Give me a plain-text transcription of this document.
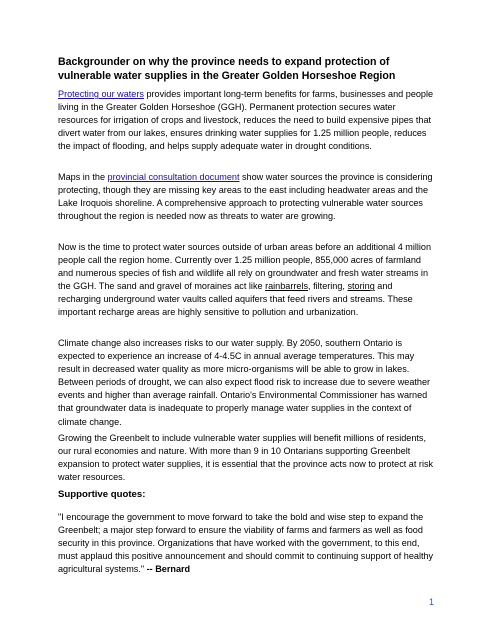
Backgrounder on why the province needs to expand protection of vulnerable water supplies in the Greater Golden Horseshoe Region

Protecting our waters provides important long-term benefits for farms, businesses and people living in the Greater Golden Horseshoe (GGH). Permanent protection secures water resources for irrigation of crops and livestock, reduces the need to build expensive pipes that divert water from our lakes, ensures drinking water supplies for 1.25 million people, reduces the impact of flooding, and helps supply adequate water in drought conditions.

Maps in the provincial consultation document show water sources the province is considering protecting, though they are missing key areas to the east including headwater areas and the Lake Iroquois shoreline. A comprehensive approach to protecting vulnerable water sources throughout the region is needed now as threats to water are growing.

Now is the time to protect water sources outside of urban areas before an additional 4 million people call the region home. Currently over 1.25 million people, 855,000 acres of farmland and numerous species of fish and wildlife all rely on groundwater and fresh water streams in the GGH. The sand and gravel of moraines act like rainbarrels, filtering, storing and recharging underground water vaults called aquifers that feed rivers and streams. These important recharge areas are highly sensitive to pollution and urbanization.

Climate change also increases risks to our water supply. By 2050, southern Ontario is expected to experience an increase of 4-4.5C in annual average temperatures. This may result in decreased water quality as more micro-organisms will be able to grow in lakes. Between periods of drought, we can also expect flood risk to increase due to severe weather events and higher than average rainfall. Ontario's Environmental Commissioner has warned that groundwater data is inadequate to properly manage water supplies in the context of climate change.

Growing the Greenbelt to include vulnerable water supplies will benefit millions of residents, our rural economies and nature. With more than 9 in 10 Ontarians supporting Greenbelt expansion to protect water supplies, it is essential that the province acts now to protect at risk water resources.

Supportive quotes:

"I encourage the government to move forward to take the bold and wise step to expand the Greenbelt; a major step forward to ensure the viability of farms and farmers as well as food security in this province. Organizations that have worked with the government, to this end, must applaud this positive announcement and should commit to continuing support of healthy agricultural systems." -- Bernard

1
